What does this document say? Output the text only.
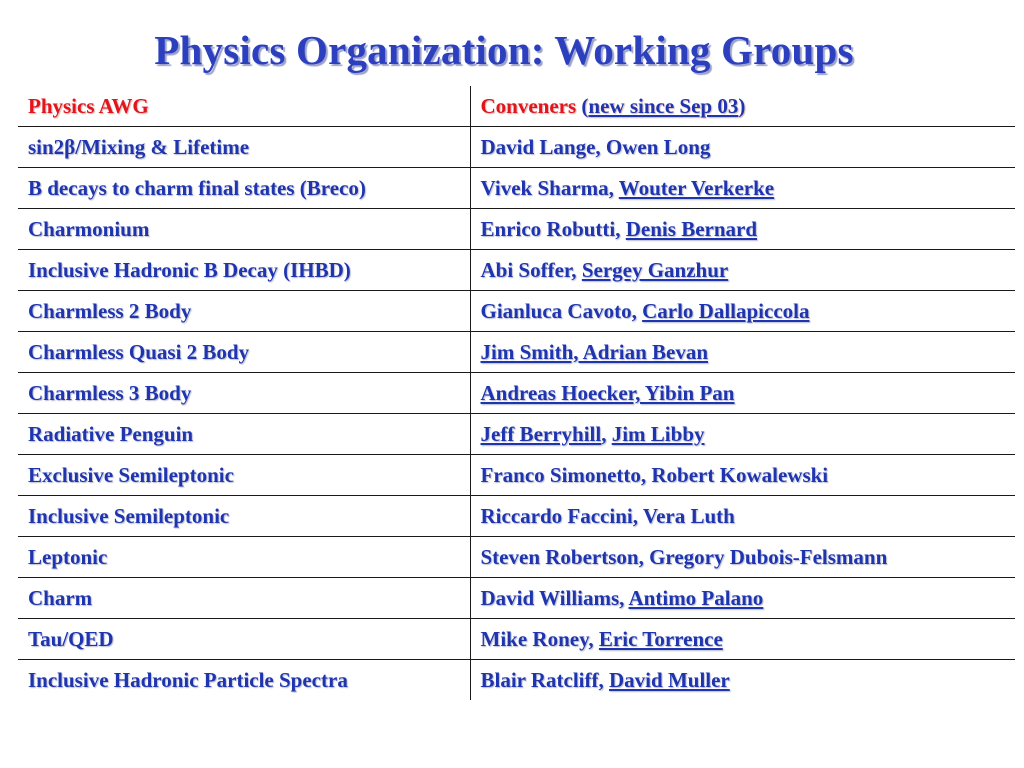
Physics Organization: Working Groups
Physics AWG	Conveners (new since Sep 03)
sin2β/Mixing & Lifetime	David Lange, Owen Long
B decays to charm final states (Breco)	Vivek Sharma, Wouter Verkerke
Charmonium	Enrico Robutti, Denis Bernard
Inclusive Hadronic B Decay (IHBD)	Abi Soffer, Sergey Ganzhur
Charmless 2 Body	Gianluca Cavoto, Carlo Dallapiccola
Charmless Quasi 2 Body	Jim Smith, Adrian Bevan
Charmless 3 Body	Andreas Hoecker, Yibin Pan
Radiative Penguin	Jeff Berryhill, Jim Libby
Exclusive Semileptonic	Franco Simonetto, Robert Kowalewski
Inclusive Semileptonic	Riccardo Faccini, Vera Luth
Leptonic	Steven Robertson, Gregory Dubois-Felsmann
Charm	David Williams, Antimo Palano
Tau/QED	Mike Roney, Eric Torrence
Inclusive Hadronic Particle Spectra	Blair Ratcliff, David Muller
